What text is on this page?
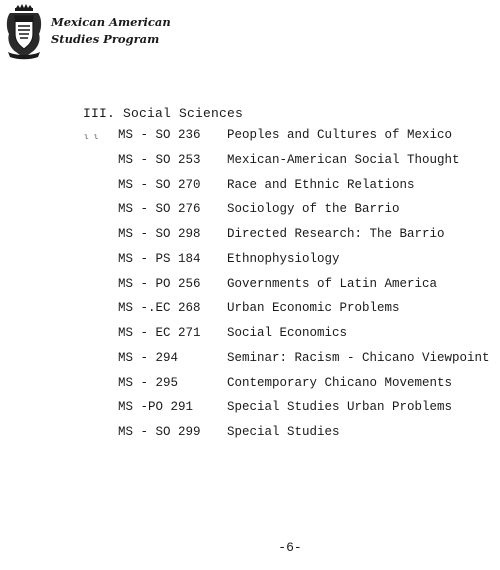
Mexican American
Studies Program
III. Social Sciences
ι ι MS - SO 236 Peoples and Cultures of Mexico
MS - SO 253 Mexican-American Social Thought
MS - SO 270 Race and Ethnic Relations
MS - SO 276 Sociology of the Barrio
MS - SO 298 Directed Research: The Barrio
MS - PS 184 Ethnophysiology
MS - PO 256 Governments of Latin America
MS -.EC 268 Urban Economic Problems
MS - EC 271 Social Economics
MS - 294	Seminar: Racism - Chicano Viewpoint
MS - 295	Contemporary Chicano Movements
MS -PO 291	Special Studies Urban Problems
MS - SO 299 Special Studies
-6-
